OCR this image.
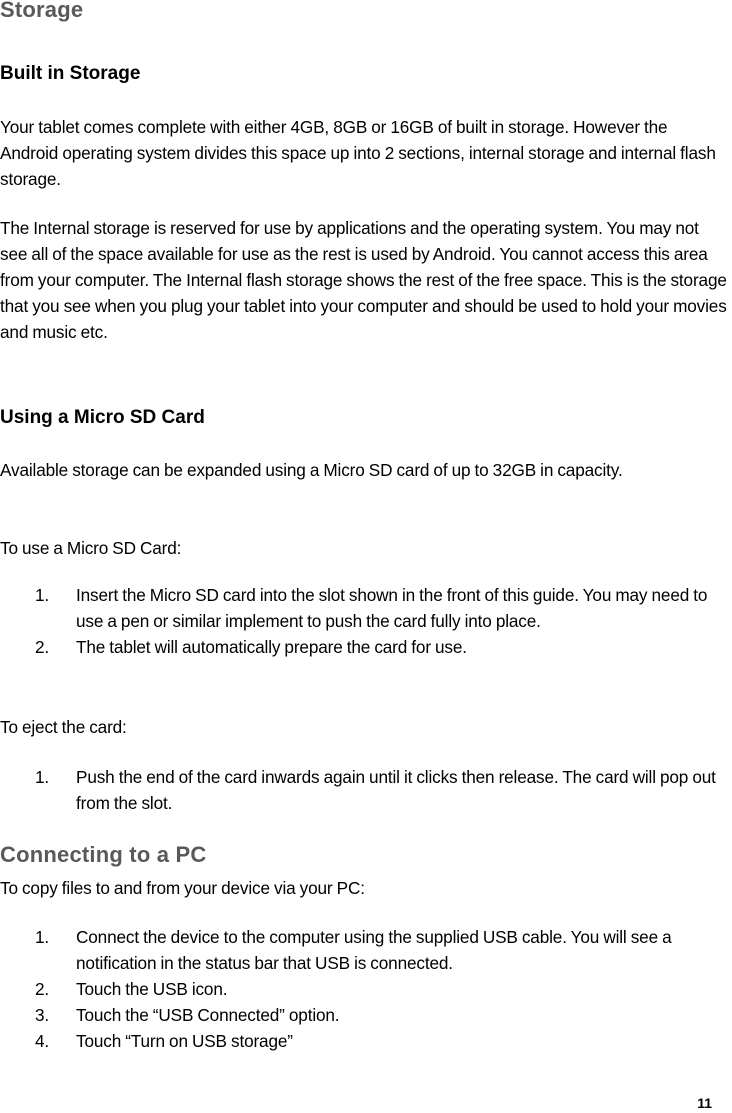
Storage
Built in Storage

Your tablet comes complete with either 4GB, 8GB or 16GB of built in storage. However the Android operating system divides this space up into 2 sections, internal storage and internal flash storage.

The Internal storage is reserved for use by applications and the operating system. You may not see all of the space available for use as the rest is used by Android. You cannot access this area from your computer. The Internal flash storage shows the rest of the free space. This is the storage that you see when you plug your tablet into your computer and should be used to hold your movies and music etc.

Using a Micro SD Card

Available storage can be expanded using a Micro SD card of up to 32GB in capacity.

To use a Micro SD Card:

1. Insert the Micro SD card into the slot shown in the front of this guide. You may need to use a pen or similar implement to push the card fully into place.
2. The tablet will automatically prepare the card for use.

To eject the card:

1. Push the end of the card inwards again until it clicks then release. The card will pop out from the slot.
Connecting to a PC

To copy files to and from your device via your PC:

1. Connect the device to the computer using the supplied USB cable. You will see a notification in the status bar that USB is connected.
2. Touch the USB icon.
3. Touch the “USB Connected” option.
4. Touch “Turn on USB storage”

11
